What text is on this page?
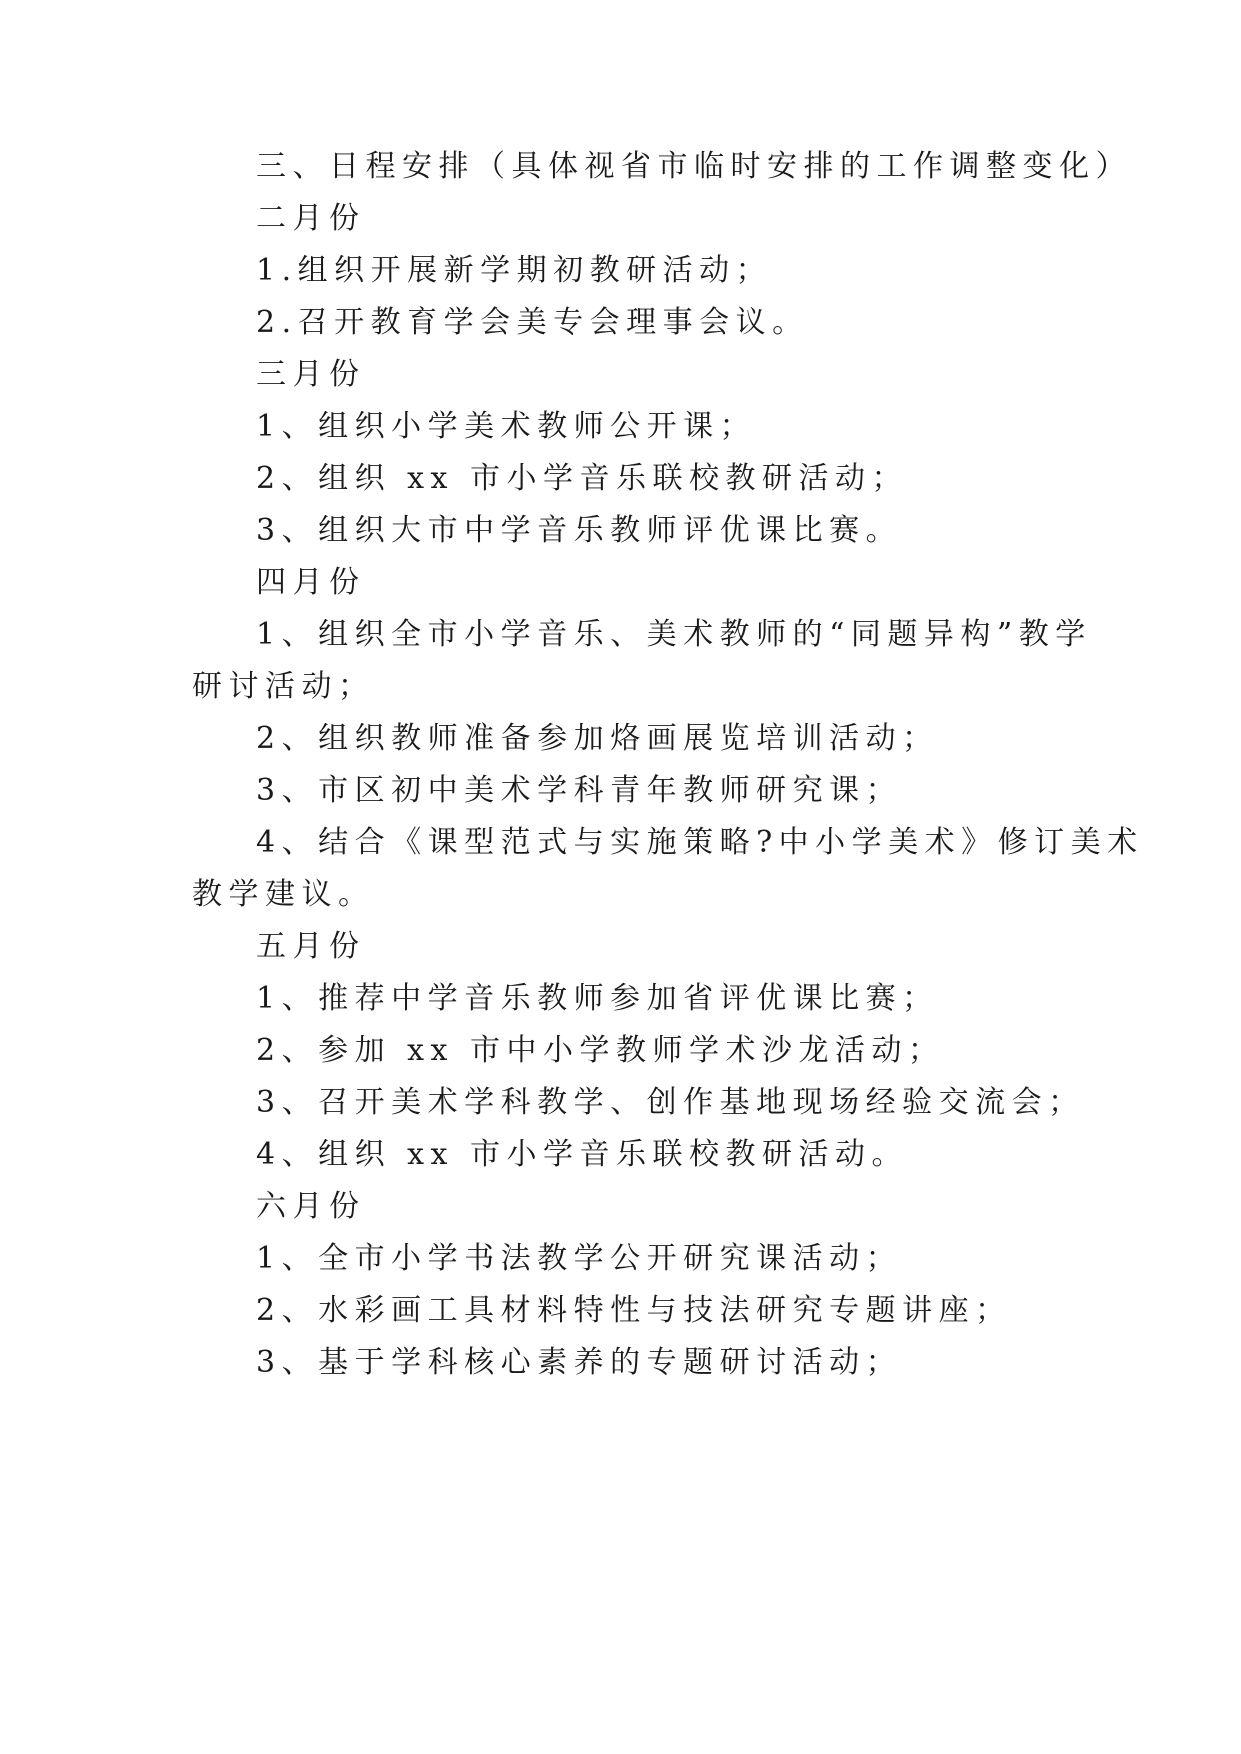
三、日程安排（具体视省市临时安排的工作调整变化）
二月份
1.组织开展新学期初教研活动；
2.召开教育学会美专会理事会议。
三月份
1、组织小学美术教师公开课；
2、组织 xx 市小学音乐联校教研活动；
3、组织大市中学音乐教师评优课比赛。
四月份
1、组织全市小学音乐、美术教师的“同题异构”教学
研讨活动；
2、组织教师准备参加烙画展览培训活动；
3、市区初中美术学科青年教师研究课；
4、结合《课型范式与实施策略?中小学美术》修订美术
教学建议。
五月份
1、推荐中学音乐教师参加省评优课比赛；
2、参加 xx 市中小学教师学术沙龙活动；
3、召开美术学科教学、创作基地现场经验交流会；
4、组织 xx 市小学音乐联校教研活动。
六月份
1、全市小学书法教学公开研究课活动；
2、水彩画工具材料特性与技法研究专题讲座；
3、基于学科核心素养的专题研讨活动；
